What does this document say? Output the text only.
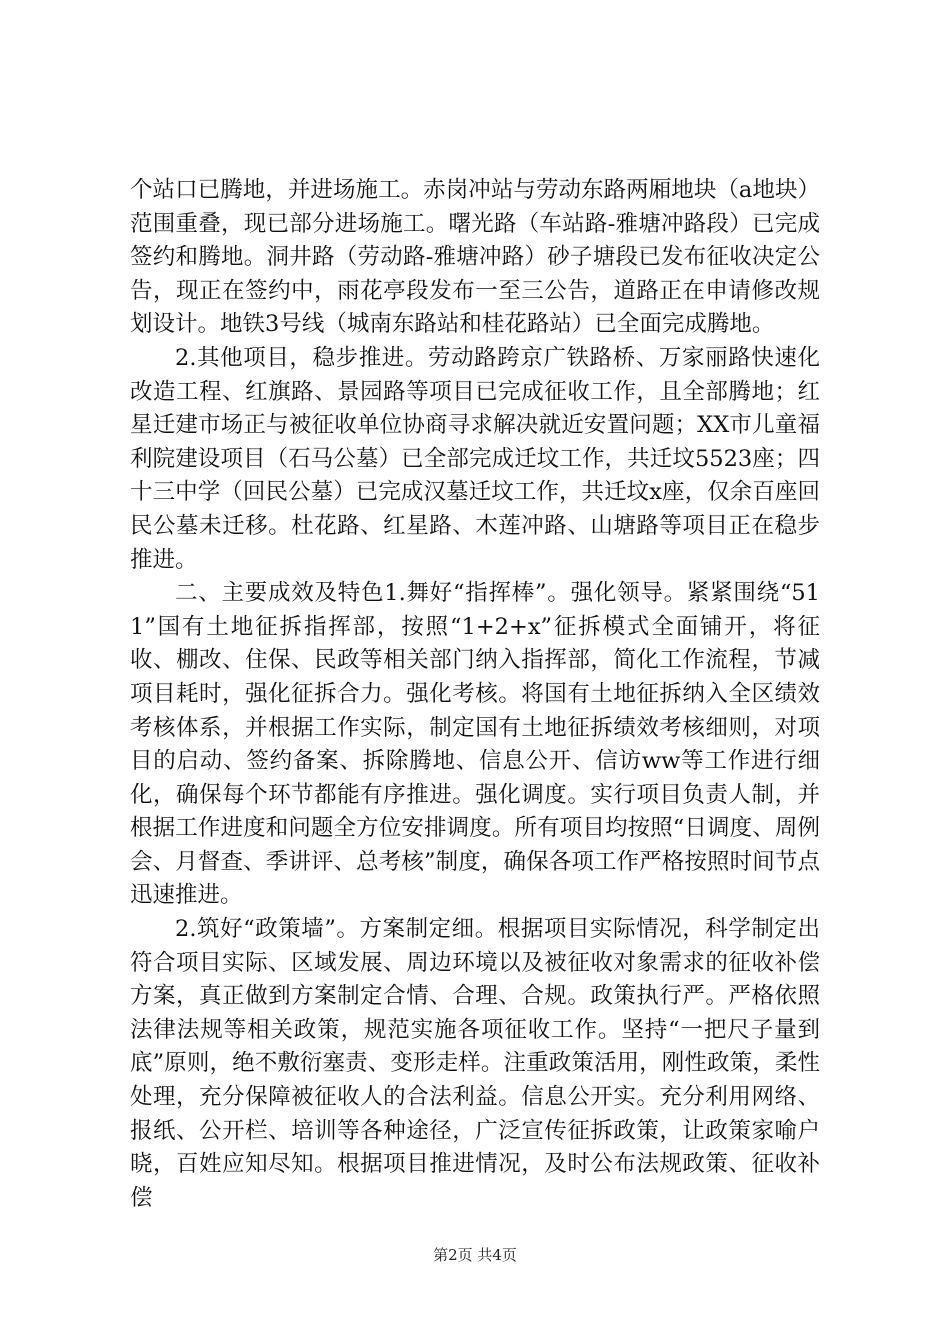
个站口已腾地，并进场施工。赤岗冲站与劳动东路两厢地块（a地块）范围重叠，现已部分进场施工。曙光路（车站路-雅塘冲路段）已完成签约和腾地。洞井路（劳动路-雅塘冲路）砂子塘段已发布征收决定公告，现正在签约中，雨花亭段发布一至三公告，道路正在申请修改规划设计。地铁3号线（城南东路站和桂花路站）已全面完成腾地。

2.其他项目，稳步推进。劳动路跨京广铁路桥、万家丽路快速化改造工程、红旗路、景园路等项目已完成征收工作，且全部腾地；红星迁建市场正与被征收单位协商寻求解决就近安置问题；XX市儿童福利院建设项目（石马公墓）已全部完成迁坟工作，共迁坟5523座；四十三中学（回民公墓）已完成汉墓迁坟工作，共迁坟x座，仅余百座回民公墓未迁移。杜花路、红星路、木莲冲路、山塘路等项目正在稳步推进。

二、主要成效及特色1.舞好“指挥棒”。强化领导。紧紧围绕“511”国有土地征拆指挥部，按照“1+2+x”征拆模式全面铺开，将征收、棚改、住保、民政等相关部门纳入指挥部，简化工作流程，节减项目耗时，强化征拆合力。强化考核。将国有土地征拆纳入全区绩效考核体系，并根据工作实际，制定国有土地征拆绩效考核细则，对项目的启动、签约备案、拆除腾地、信息公开、信访ww等工作进行细化，确保每个环节都能有序推进。强化调度。实行项目负责人制，并根据工作进度和问题全方位安排调度。所有项目均按照“日调度、周例会、月督查、季讲评、总考核”制度，确保各项工作严格按照时间节点迅速推进。

2.筑好“政策墙”。方案制定细。根据项目实际情况，科学制定出符合项目实际、区域发展、周边环境以及被征收对象需求的征收补偿方案，真正做到方案制定合情、合理、合规。政策执行严。严格依照法律法规等相关政策，规范实施各项征收工作。坚持“一把尺子量到底”原则，绝不敷衍塞责、变形走样。注重政策活用，刚性政策，柔性处理，充分保障被征收人的合法利益。信息公开实。充分利用网络、报纸、公开栏、培训等各种途径，广泛宣传征拆政策，让政策家喻户晓，百姓应知尽知。根据项目推进情况，及时公布法规政策、征收补偿

第2页 共4页
